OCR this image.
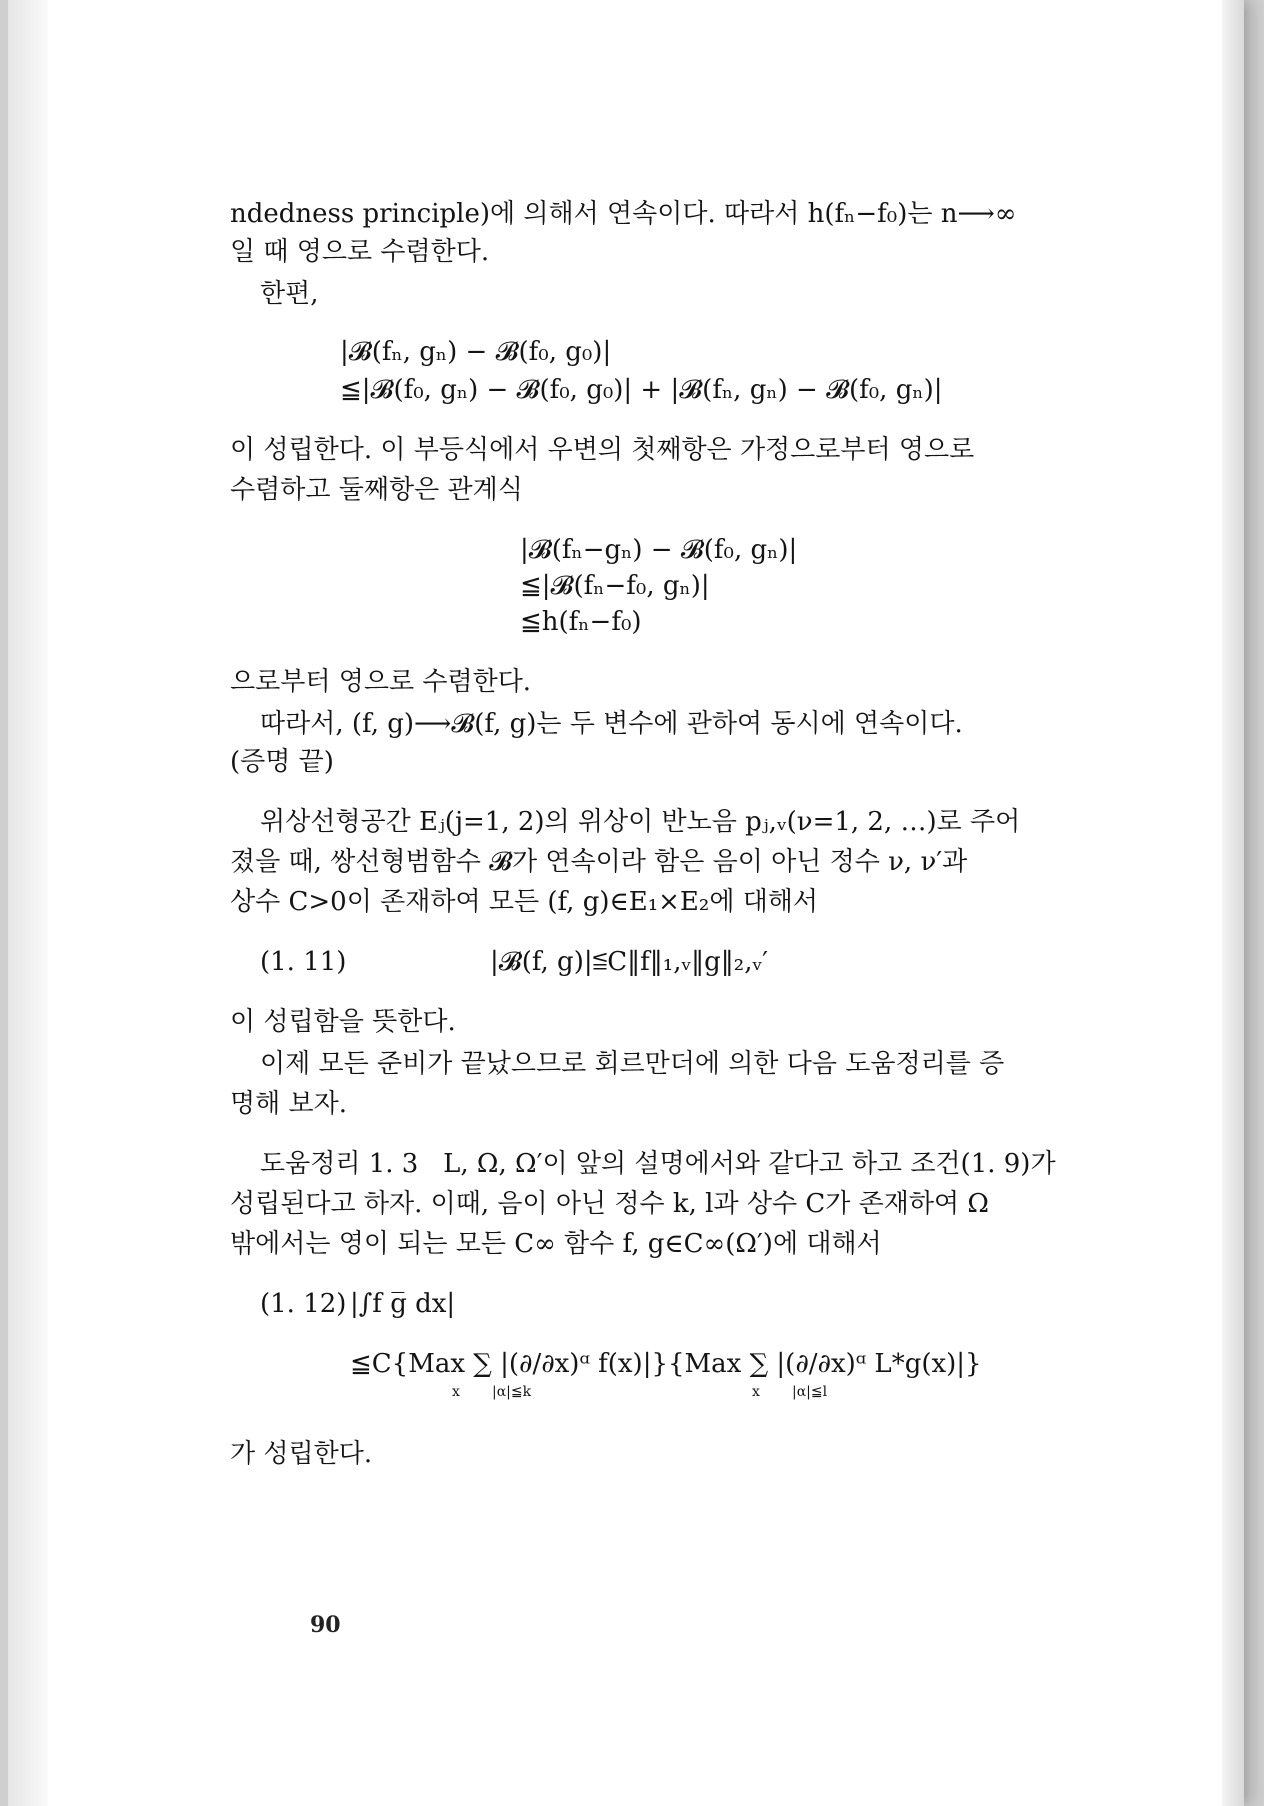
ndedness principle)에 의해서 연속이다. 따라서 h(fₙ−f₀)는 n⟶∞
일 때 영으로 수렴한다.
한편,
|𝓑(fₙ, gₙ) − 𝓑(f₀, g₀)|
≦|𝓑(f₀, gₙ) − 𝓑(f₀, g₀)| + |𝓑(fₙ, gₙ) − 𝓑(f₀, gₙ)|
이 성립한다. 이 부등식에서 우변의 첫째항은 가정으로부터 영으로
수렴하고 둘째항은 관계식
|𝓑(fₙ−gₙ) − 𝓑(f₀, gₙ)|
≦|𝓑(fₙ−f₀, gₙ)|
≦h(fₙ−f₀)
으로부터 영으로 수렴한다.
따라서, (f, g)⟶𝓑(f, g)는 두 변수에 관하여 동시에 연속이다.
(증명 끝)
위상선형공간 Eⱼ(j=1, 2)의 위상이 반노음 pⱼ,ᵥ(ν=1, 2, …)로 주어
졌을 때, 쌍선형범함수 𝓑가 연속이라 함은 음이 아닌 정수 ν, ν′과
상수 C>0이 존재하여 모든 (f, g)∈E₁×E₂에 대해서
(1. 11)	|𝓑(f, g)|≦C‖f‖₁,ᵥ‖g‖₂,ᵥ′
이 성립함을 뜻한다.
이제 모든 준비가 끝났으므로 회르만더에 의한 다음 도움정리를 증
명해 보자.
도움정리 1. 3 L, Ω, Ω′이 앞의 설명에서와 같다고 하고 조건(1. 9)가
성립된다고 하자. 이때, 음이 아닌 정수 k, l과 상수 C가 존재하여 Ω
밖에서는 영이 되는 모든 C∞ 함수 f, g∈C∞(Ω′)에 대해서
(1. 12) |∫f g̅ dx|
≦C{Max ∑ |(∂/∂x)ᵅ f(x)|}{Max ∑ |(∂/∂x)ᵅ L*g(x)|}
x |α|≦k	x |α|≦l
가 성립한다.
90
